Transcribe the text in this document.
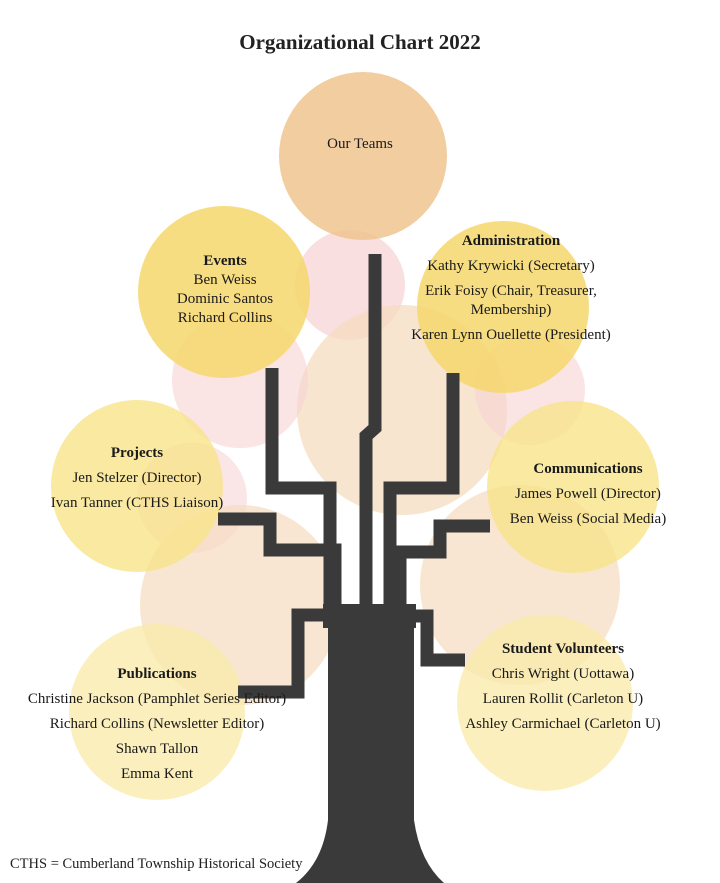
Organizational Chart 2022
Our Teams
Events
Ben Weiss
Dominic Santos
Richard Collins
Administration
Kathy Krywicki (Secretary)
Erik Foisy (Chair, Treasurer, Membership)
Karen Lynn Ouellette (President)
Projects
Jen Stelzer (Director)
Ivan Tanner (CTHS Liaison)
Communications
James Powell (Director)
Ben Weiss (Social Media)
Publications
Christine Jackson (Pamphlet Series Editor)
Richard Collins (Newsletter Editor)
Shawn Tallon
Emma Kent
Student Volunteers
Chris Wright (Uottawa)
Lauren Rollit (Carleton U)
Ashley Carmichael (Carleton U)
CTHS = Cumberland Township Historical Society
